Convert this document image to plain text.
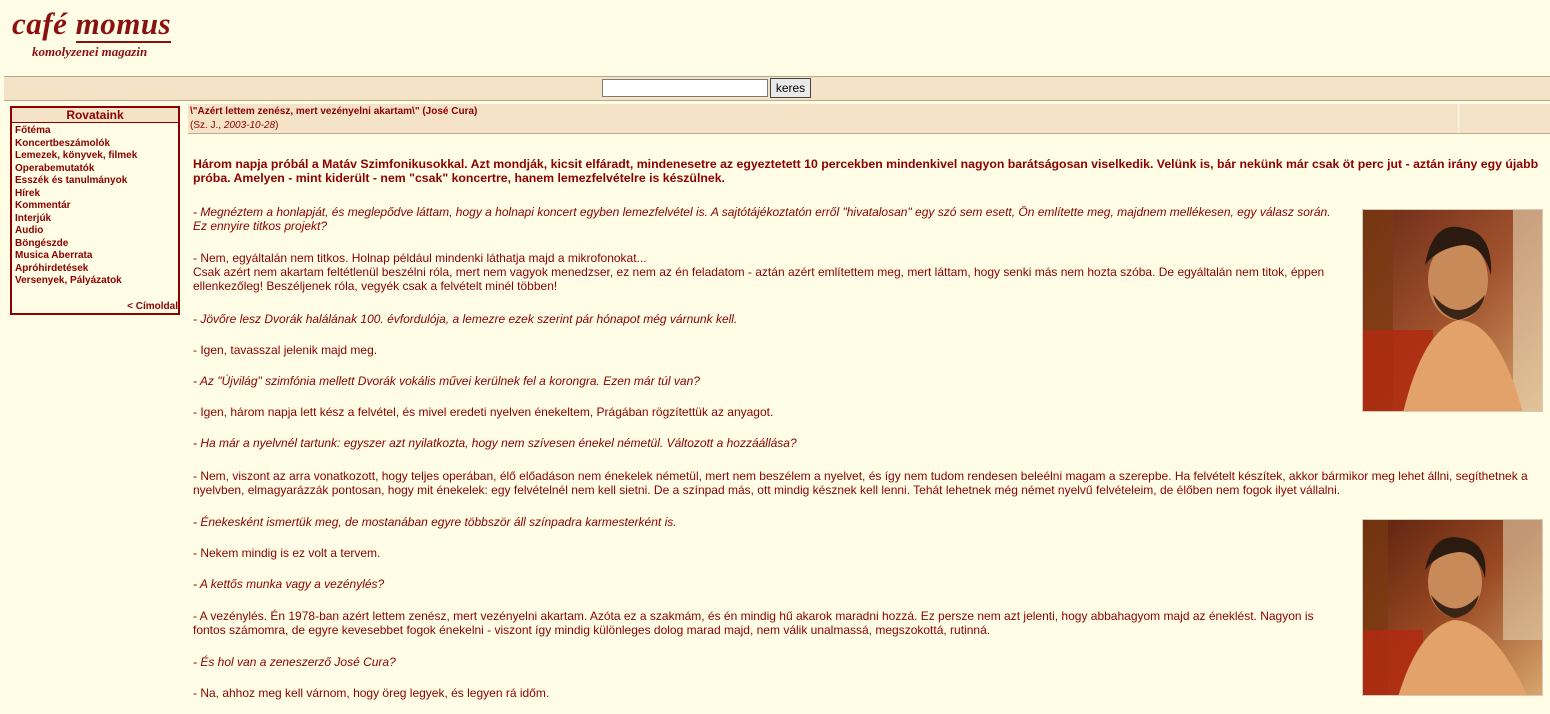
café momus
komolyzenei magazin
keres
Rovataink
Főtéma
Koncertbeszámolók
Lemezek, könyvek, filmek
Operabemutatók
Esszék és tanulmányok
Hírek
Kommentár
Interjúk
Audio
Böngészde
Musica Aberrata
Apróhirdetések
Versenyek, Pályázatok
< Címoldal
\"Azért lettem zenész, mert vezényelni akartam\" (José Cura)
(Sz. J., 2003-10-28)
Három napja próbál a Matáv Szimfonikusokkal. Azt mondják, kicsit elfáradt, mindenesetre az egyeztetett 10 percekben mindenkivel nagyon barátságosan viselkedik. Velünk is, bár nekünk már csak öt perc jut - aztán irány egy újabb próba. Amelyen - mint kiderült - nem "csak" koncertre, hanem lemezfelvételre is készülnek.
- Megnéztem a honlapját, és meglepődve láttam, hogy a holnapi koncert egyben lemezfelvétel is. A sajtótájékoztatón erről "hivatalosan" egy szó sem esett, Ön említette meg, majdnem mellékesen, egy válasz során. Ez ennyire titkos projekt?
- Nem, egyáltalán nem titkos. Holnap például mindenki láthatja majd a mikrofonokat...
Csak azért nem akartam feltétlenül beszélni róla, mert nem vagyok menedzser, ez nem az én feladatom - aztán azért említettem meg, mert láttam, hogy senki más nem hozta szóba. De egyáltalán nem titok, éppen ellenkezőleg! Beszéljenek róla, vegyék csak a felvételt minél többen!
- Jövőre lesz Dvorák halálának 100. évfordulója, a lemezre ezek szerint pár hónapot még várnunk kell.
- Igen, tavasszal jelenik majd meg.
- Az "Újvilág" szimfónia mellett Dvorák vokális művei kerülnek fel a korongra. Ezen már túl van?
- Igen, három napja lett kész a felvétel, és mivel eredeti nyelven énekeltem, Prágában rögzítettük az anyagot.
- Ha már a nyelvnél tartunk: egyszer azt nyilatkozta, hogy nem szívesen énekel németül. Változott a hozzáállása?
- Nem, viszont az arra vonatkozott, hogy teljes operában, élő előadáson nem énekelek németül, mert nem beszélem a nyelvet, és így nem tudom rendesen beleélni magam a szerepbe. Ha felvételt készítek, akkor bármikor meg lehet állni, segíthetnek a nyelvben, elmagyarázzák pontosan, hogy mit énekelek: egy felvételnél nem kell sietni. De a színpad más, ott mindig késznek kell lenni. Tehát lehetnek még német nyelvű felvételeim, de élőben nem fogok ilyet vállalni.
- Énekesként ismertük meg, de mostanában egyre többször áll színpadra karmesterként is.
- Nekem mindig is ez volt a tervem.
- A kettős munka vagy a vezénylés?
- A vezénylés. Én 1978-ban azért lettem zenész, mert vezényelni akartam. Azóta ez a szakmám, és én mindig hű akarok maradni hozzá. Ez persze nem azt jelenti, hogy abbahagyom majd az éneklést. Nagyon is fontos számomra, de egyre kevesebbet fogok énekelni - viszont így mindig különleges dolog marad majd, nem válik unalmassá, megszokottá, rutinná.
- És hol van a zeneszerző José Cura?
- Na, ahhoz meg kell várnom, hogy öreg legyek, és legyen rá időm.
